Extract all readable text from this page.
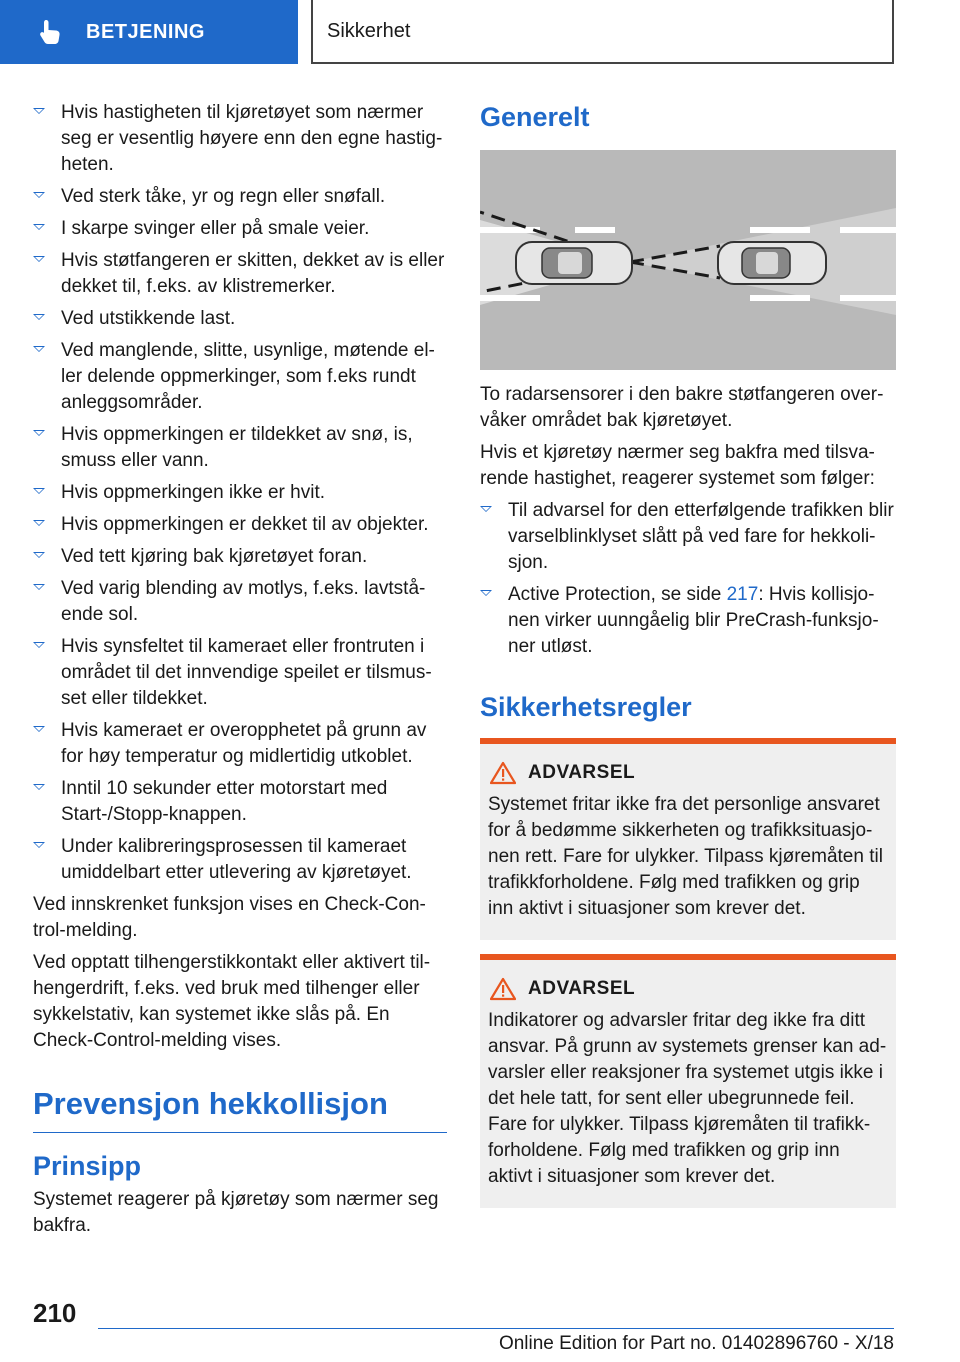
BETJENING	Sikkerhet
Hvis hastigheten til kjøretøyet som nærmer seg er vesentlig høyere enn den egne hastig-heten.
Ved sterk tåke, yr og regn eller snøfall.
I skarpe svinger eller på smale veier.
Hvis støtfangeren er skitten, dekket av is eller dekket til, f.eks. av klistremerker.
Ved utstikkende last.
Ved manglende, slitte, usynlige, møtende el-ler delende oppmerkinger, som f.eks rundt anleggsområder.
Hvis oppmerkingen er tildekket av snø, is, smuss eller vann.
Hvis oppmerkingen ikke er hvit.
Hvis oppmerkingen er dekket til av objekter.
Ved tett kjøring bak kjøretøyet foran.
Ved varig blending av motlys, f.eks. lavtstå-ende sol.
Hvis synsfeltet til kameraet eller frontruten i området til det innvendige speilet er tilsmus-set eller tildekket.
Hvis kameraet er overopphetet på grunn av for høy temperatur og midlertidig utkoblet.
Inntil 10 sekunder etter motorstart med Start-/Stopp-knappen.
Under kalibreringsprosessen til kameraet umiddelbart etter utlevering av kjøretøyet.

Ved innskrenket funksjon vises en Check-Con-trol-melding.

Ved opptatt tilhengerstikkontakt eller aktivert til-hengerdrift, f.eks. ved bruk med tilhenger eller sykkelstativ, kan systemet ikke slås på. En Check-Control-melding vises.

Prevensjon hekkollisjon
Prinsipp

Systemet reagerer på kjøretøy som nærmer seg bakfra.

Generelt

To radarsensorer i den bakre støtfangeren over-våker området bak kjøretøyet.

Hvis et kjøretøy nærmer seg bakfra med tilsva-rende hastighet, reagerer systemet som følger:

Til advarsel for den etterfølgende trafikken blir varselblinklyset slått på ved fare for hekkoli-sjon.
Active Protection, se side 217: Hvis kollisjo-nen virker uunngåelig blir PreCrash-funksjo-ner utløst.
Sikkerhetsregler
ADVARSEL
Systemet fritar ikke fra det personlige ansvaret for å bedømme sikkerheten og trafikksituasjo-nen rett. Fare for ulykker. Tilpass kjøremåten til trafikkforholdene. Følg med trafikken og grip inn aktivt i situasjoner som krever det.
ADVARSEL
Indikatorer og advarsler fritar deg ikke fra ditt ansvar. På grunn av systemets grenser kan ad-varsler eller reaksjoner fra systemet utgis ikke i det hele tatt, for sent eller ubegrunnede feil. Fare for ulykker. Tilpass kjøremåten til trafikk-forholdene. Følg med trafikken og grip inn aktivt i situasjoner som krever det.
210
Online Edition for Part no. 01402896760 - X/18
